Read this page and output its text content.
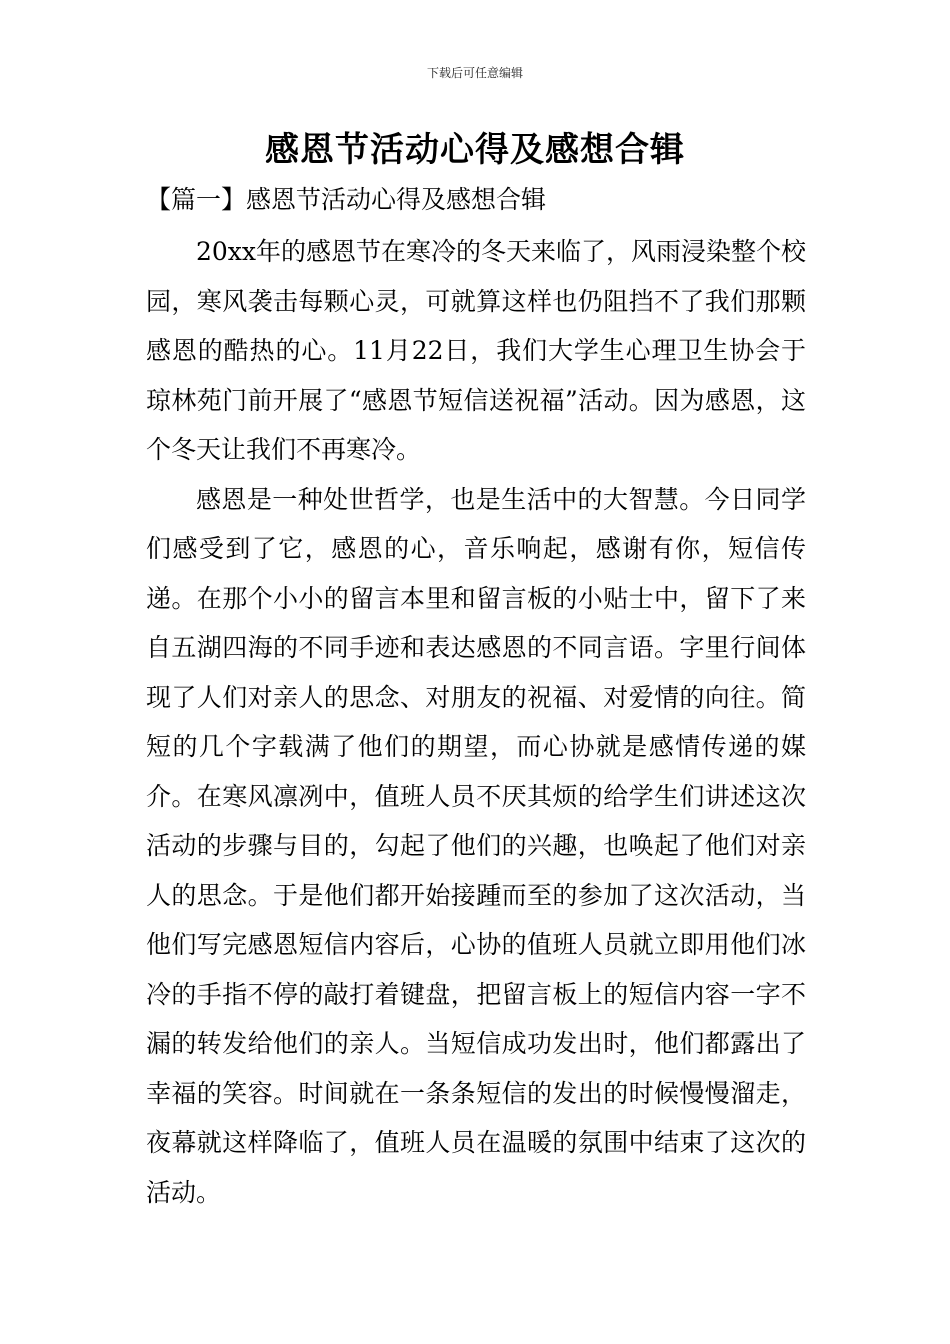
下载后可任意编辑
感恩节活动心得及感想合辑
【篇一】感恩节活动心得及感想合辑

20xx年的感恩节在寒冷的冬天来临了，风雨浸染整个校园，寒风袭击每颗心灵，可就算这样也仍阻挡不了我们那颗感恩的酷热的心。11月22日，我们大学生心理卫生协会于琼林苑门前开展了“感恩节短信送祝福”活动。因为感恩，这个冬天让我们不再寒冷。

感恩是一种处世哲学，也是生活中的大智慧。今日同学们感受到了它，感恩的心，音乐响起，感谢有你，短信传递。在那个小小的留言本里和留言板的小贴士中，留下了来自五湖四海的不同手迹和表达感恩的不同言语。字里行间体现了人们对亲人的思念、对朋友的祝福、对爱情的向往。简短的几个字载满了他们的期望，而心协就是感情传递的媒介。在寒风凛冽中，值班人员不厌其烦的给学生们讲述这次活动的步骤与目的，勾起了他们的兴趣，也唤起了他们对亲人的思念。于是他们都开始接踵而至的参加了这次活动，当他们写完感恩短信内容后，心协的值班人员就立即用他们冰冷的手指不停的敲打着键盘，把留言板上的短信内容一字不漏的转发给他们的亲人。当短信成功发出时，他们都露出了幸福的笑容。时间就在一条条短信的发出的时候慢慢溜走，夜幕就这样降临了，值班人员在温暖的氛围中结束了这次的活动。
